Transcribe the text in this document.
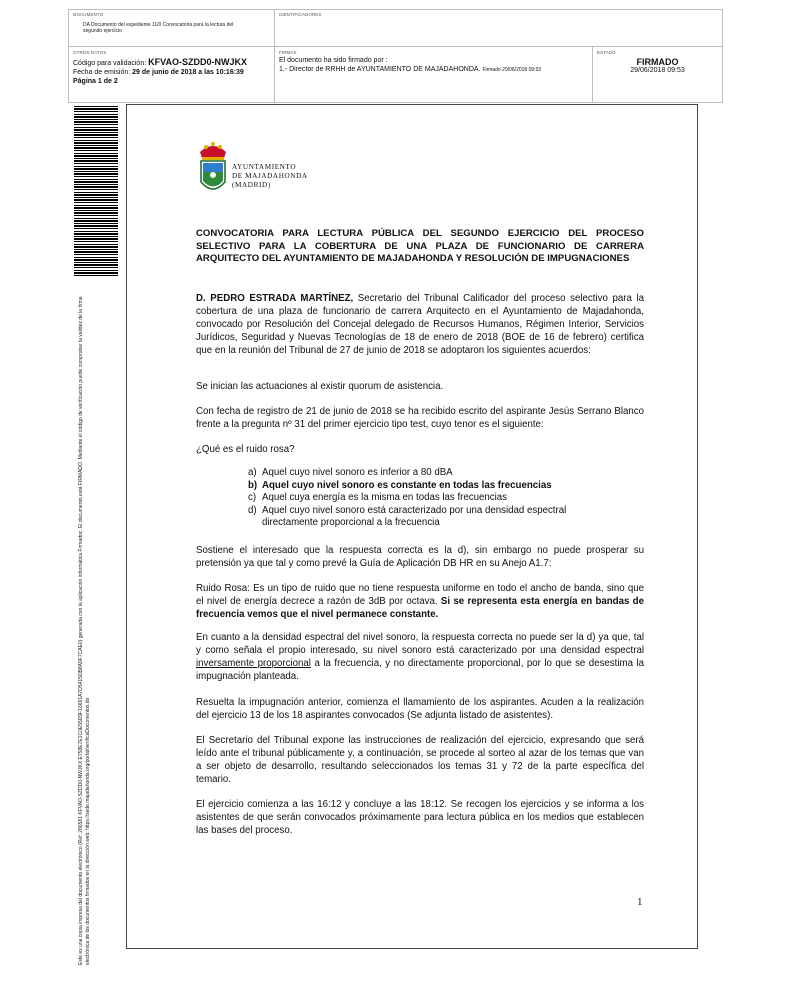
DOCUMENTO
DA Documento del expediente 11/0 Convocatoria para la lectura del segundo ejercicio
IDENTIFICADORES
OTROS DATOS
Código para validación: KFVAO-SZDD0-NWJKX
Fecha de emisión: 29 de junio de 2018 a las 10:16:39
Página 1 de 2
FIRMAS
El documento ha sido firmado por :
1.- Director de RRHH de AYUNTAMIENTO DE MAJADAHONDA. Firmado 29/06/2018 09:53
ESTADO
FIRMADO
29/06/2018 09:53
Este es una copia impresa del documento electrónico (Ref: 286581 KFVAO-SZDD0-NWJKX E758E7E1C0E55D9F16691A7D5415DB8A9F7CAE0) generada con la aplicación informática Firmadoc. El documento está FIRMADO. Mediante el código de verificación puede comprobar la validez de la firma electrónica de los documentos firmados en la dirección web: https://sede.majadahonda.org/portal/verificaDocumentos.do
AYUNTAMIENTO
DE MAJADAHONDA
(MADRID)
CONVOCATORIA PARA LECTURA PÚBLICA DEL SEGUNDO EJERCICIO DEL PROCESO SELECTIVO PARA LA COBERTURA DE UNA PLAZA DE FUNCIONARIO DE CARRERA ARQUITECTO DEL AYUNTAMIENTO DE MAJADAHONDA Y RESOLUCIÓN DE IMPUGNACIONES
D. PEDRO ESTRADA MARTÍNEZ, Secretario del Tribunal Calificador del proceso selectivo para la cobertura de una plaza de funcionario de carrera Arquitecto en el Ayuntamiento de Majadahonda, convocado por Resolución del Concejal delegado de Recursos Humanos, Régimen Interior, Servicios Jurídicos, Seguridad y Nuevas Tecnologías de 18 de enero de 2018 (BOE de 16 de febrero) certifica que en la reunión del Tribunal de 27 de junio de 2018 se adoptaron los siguientes acuerdos:
Se inician las actuaciones al existir quorum de asistencia.
Con fecha de registro de 21 de junio de 2018 se ha recibido escrito del aspirante Jesús Serrano Blanco frente a la pregunta nº 31 del primer ejercicio tipo test, cuyo tenor es el siguiente:
¿Qué es el ruido rosa?
a) Aquel cuyo nivel sonoro es inferior a 80 dBA
b) Aquel cuyo nivel sonoro es constante en todas las frecuencias
c) Aquel cuya energía es la misma en todas las frecuencias
d) Aquel cuyo nivel sonoro está caracterizado por una densidad espectral directamente proporcional a la frecuencia
Sostiene el interesado que la respuesta correcta es la d), sin embargo no puede prosperar su pretensión ya que tal y como prevé la Guía de Aplicación DB HR en su Anejo A1.7:
Ruido Rosa: Es un tipo de ruido que no tiene respuesta uniforme en todo el ancho de banda, sino que el nivel de energía decrece a razón de 3dB por octava. Si se representa esta energía en bandas de frecuencia vemos que el nivel permanece constante.
En cuanto a la densidad espectral del nivel sonoro, la respuesta correcta no puede ser la d) ya que, tal y como señala el propio interesado, su nivel sonoro está caracterizado por una densidad espectral inversamente proporcional a la frecuencia, y no directamente proporcional, por lo que se desestima la impugnación planteada.
Resuelta la impugnación anterior, comienza el llamamiento de los aspirantes. Acuden a la realización del ejercicio 13 de los 18 aspirantes convocados (Se adjunta listado de asistentes).
El Secretario del Tribunal expone las instrucciones de realización del ejercicio, expresando que será leído ante el tribunal públicamente y, a continuación, se procede al sorteo al azar de los temas que van a ser objeto de desarrollo, resultando seleccionados los temas 31 y 72 de la parte específica del temario.
El ejercicio comienza a las 16:12 y concluye a las 18:12. Se recogen los ejercicios y se informa a los asistentes de que serán convocados próximamente para lectura pública en los medios que establecen las bases del proceso.
1
